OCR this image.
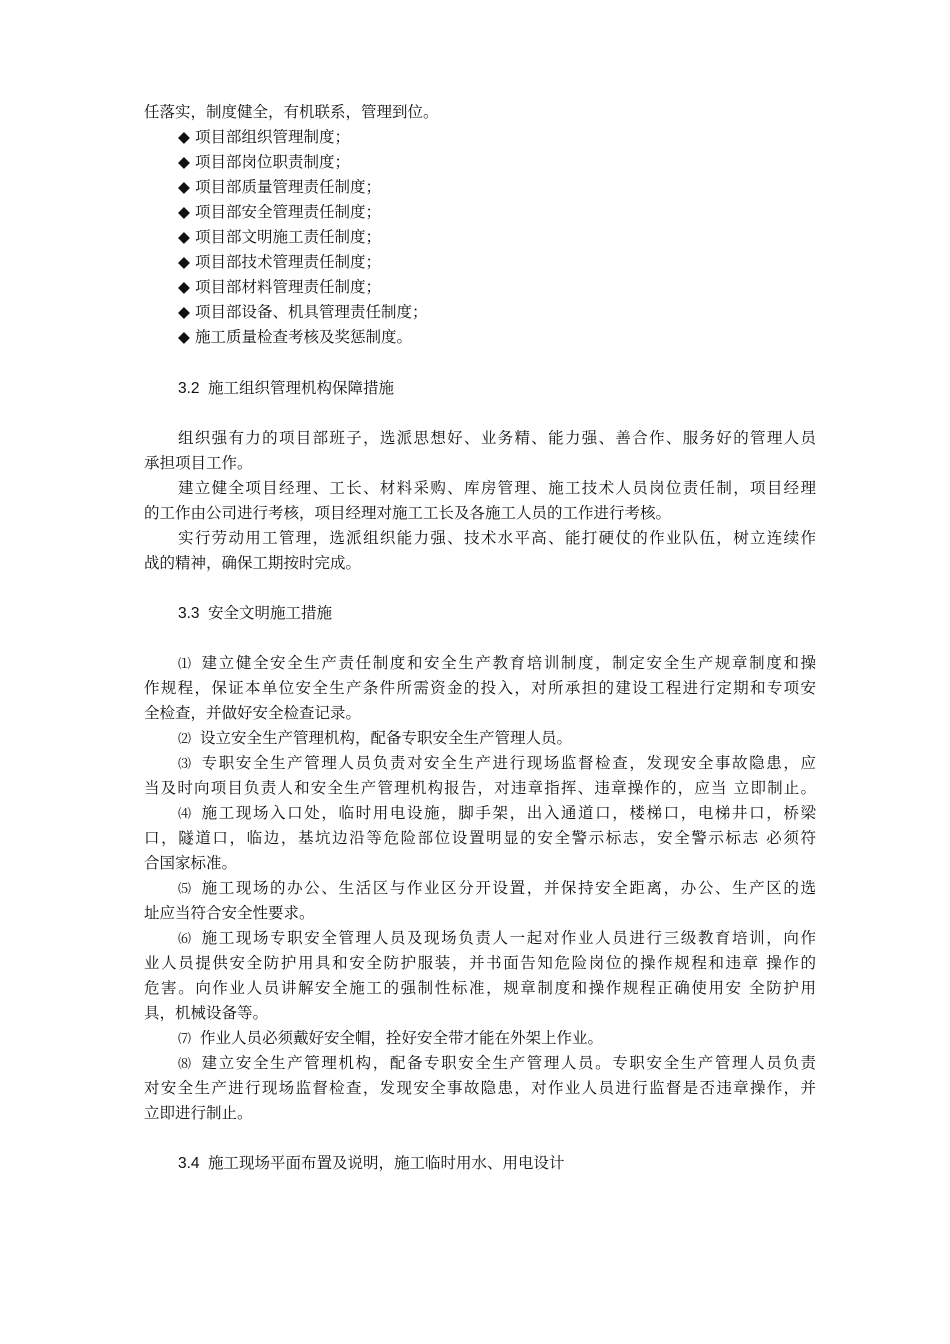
任落实，制度健全，有机联系，管理到位。
◆ 项目部组织管理制度；
◆ 项目部岗位职责制度；
◆ 项目部质量管理责任制度；
◆ 项目部安全管理责任制度；
◆ 项目部文明施工责任制度；
◆ 项目部技术管理责任制度；
◆ 项目部材料管理责任制度；
◆ 项目部设备、机具管理责任制度；
◆ 施工质量检查考核及奖惩制度。
3.2 施工组织管理机构保障措施
组织强有力的项目部班子，选派思想好、业务精、能力强、善合作、服务好的管理人员
承担项目工作。
建立健全项目经理、工长、材料采购、库房管理、施工技术人员岗位责任制，项目经理
的工作由公司进行考核，项目经理对施工工长及各施工人员的工作进行考核。
实行劳动用工管理，选派组织能力强、技术水平高、能打硬仗的作业队伍，树立连续作
战的精神，确保工期按时完成。
3.3 安全文明施工措施
⑴ 建立健全安全生产责任制度和安全生产教育培训制度，制定安全生产规章制度和操
作规程，保证本单位安全生产条件所需资金的投入，对所承担的建设工程进行定期和专项安
全检查，并做好安全检查记录。
⑵ 设立安全生产管理机构，配备专职安全生产管理人员。
⑶ 专职安全生产管理人员负责对安全生产进行现场监督检查，发现安全事故隐患，应
当及时向项目负责人和安全生产管理机构报告，对违章指挥、违章操作的，应当 立即制止。
⑷ 施工现场入口处，临时用电设施，脚手架，出入通道口，楼梯口，电梯井口，桥梁
口，隧道口，临边，基坑边沿等危险部位设置明显的安全警示标志，安全警示标志 必须符
合国家标准。
⑸ 施工现场的办公、生活区与作业区分开设置，并保持安全距离，办公、生产区的选
址应当符合安全性要求。
⑹ 施工现场专职安全管理人员及现场负责人一起对作业人员进行三级教育培训，向作
业人员提供安全防护用具和安全防护服装，并书面告知危险岗位的操作规程和违章 操作的
危害。向作业人员讲解安全施工的强制性标准，规章制度和操作规程正确使用安 全防护用
具，机械设备等。
⑺ 作业人员必须戴好安全帽，拴好安全带才能在外架上作业。
⑻ 建立安全生产管理机构，配备专职安全生产管理人员。专职安全生产管理人员负责
对安全生产进行现场监督检查，发现安全事故隐患，对作业人员进行监督是否违章操作，并
立即进行制止。
3.4 施工现场平面布置及说明，施工临时用水、用电设计
